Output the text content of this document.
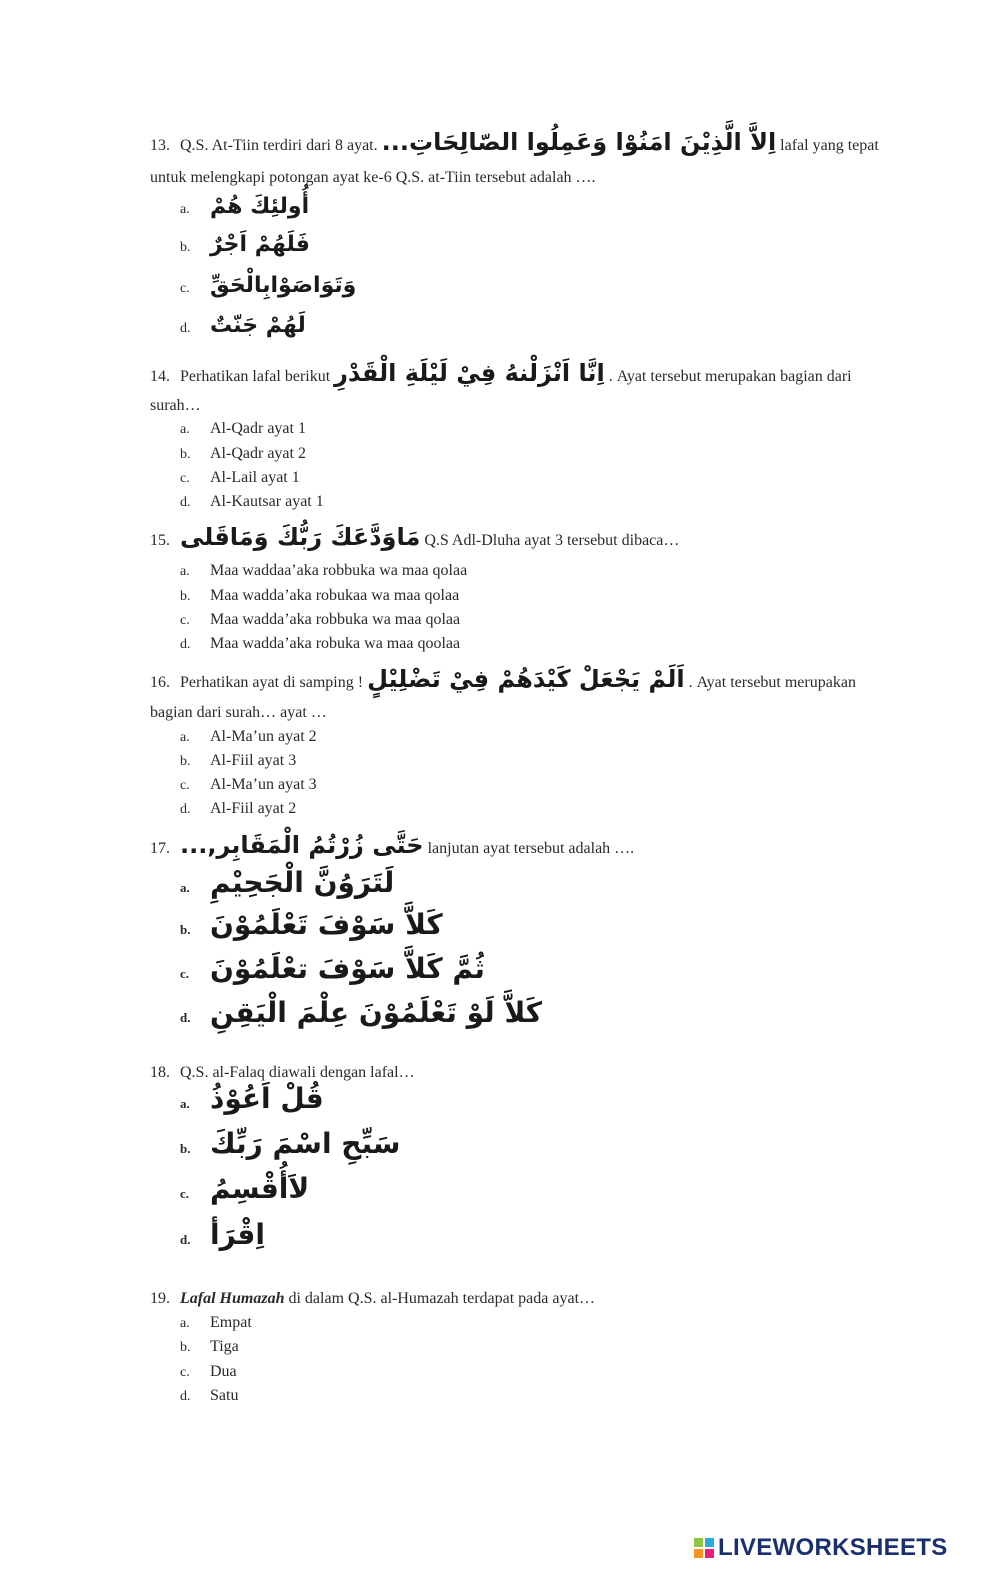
13. Q.S. At-Tiin terdiri dari 8 ayat. اِلاَّ الَّذِيْنَ امَنُوْا وَعَمِلُوا الصّالِحَاتِ... lafal yang tepat
untuk melengkapi potongan ayat ke-6 Q.S. at-Tiin tersebut adalah ….
a. أُولئِكَ هُمْ
b. فَلَهُمْ اَجْرٌ
c. وَتَوَاصَوْابِالْحَقِّ
d. لَهُمْ جَنّتٌ
14. Perhatikan lafal berikut اِنَّا اَنْزَلْنهُ فِيْ لَيْلَةِ الْقَدْرِ . Ayat tersebut merupakan bagian dari
surah…
a. Al-Qadr ayat 1
b. Al-Qadr ayat 2
c. Al-Lail ayat 1
d. Al-Kautsar ayat 1
15. مَاوَدَّعَكَ رَبُّكَ وَمَاقَلى Q.S Adl-Dluha ayat 3 tersebut dibaca…
a. Maa waddaa’aka robbuka wa maa qolaa
b. Maa wadda’aka robukaa wa maa qolaa
c. Maa wadda’aka robbuka wa maa qolaa
d. Maa wadda’aka robuka wa maa qoolaa
16. Perhatikan ayat di samping ! اَلَمْ يَجْعَلْ كَيْدَهُمْ فِيْ تَضْلِيْلٍ . Ayat tersebut merupakan
bagian dari surah… ayat …
a. Al-Ma’un ayat 2
b. Al-Fiil ayat 3
c. Al-Ma’un ayat 3
d. Al-Fiil ayat 2
17. حَتَّى زُرْتُمُ الْمَقَابِر,... lanjutan ayat tersebut adalah ….
a. لَتَرَوُنَّ الْجَحِيْمِ
b. كَلاَّ سَوْفَ تَعْلَمُوْنَ
c. ثُمَّ كَلاَّ سَوْفَ تعْلَمُوْنَ
d. كَلاَّ لَوْ تَعْلَمُوْنَ عِلْمَ الْيَقِنِ
18. Q.S. al-Falaq diawali dengan lafal…
a. قُلْ اَعُوْذُ
b. سَبِّحِ اسْمَ رَبِّكَ
c. لاَأُقْسِمُ
d. اِقْرَأ
19. Lafal Humazah di dalam Q.S. al-Humazah terdapat pada ayat…
a. Empat
b. Tiga
c. Dua
d. Satu
LIVEWORKSHEETS
